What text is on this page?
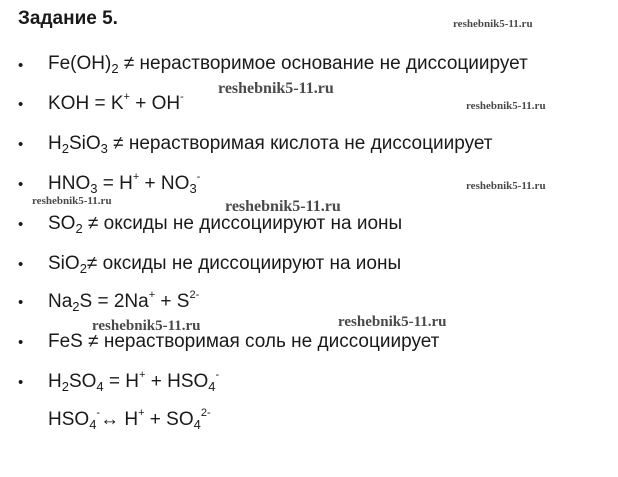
Задание 5.	reshebnik5-11.ru
reshebnik5-11.ru
reshebnik5-11.ru
reshebnik5-11.ru
reshebnik5-11.ru	reshebnik5-11.ru
reshebnik5-11.ru
reshebnik5-11.ru
•
•
•
•
•
•
•
•
•
$Fe(OH)_2$ ≠ нерастворимое основание не диссоциирует
KOH = K+ + OH-
$H_2SiO_3$ ≠ нерастворимая кислота не диссоциирует
$HNO_3 = H^+ + NO_3^-$
$SO_2$ ≠ оксиды не диссоциируют на ионы
SiO$_2$≠ оксиды не диссоциируют на ионы
$Na_2S = 2Na^+ + S^{2-}$
FeS ≠ нерастворимая соль не диссоциирует
$H_2SO_4 = H^+ + HSO_4^-$
$HSO_4^-\leftrightarrow$ $H^+ + SO_4^{2-}$
